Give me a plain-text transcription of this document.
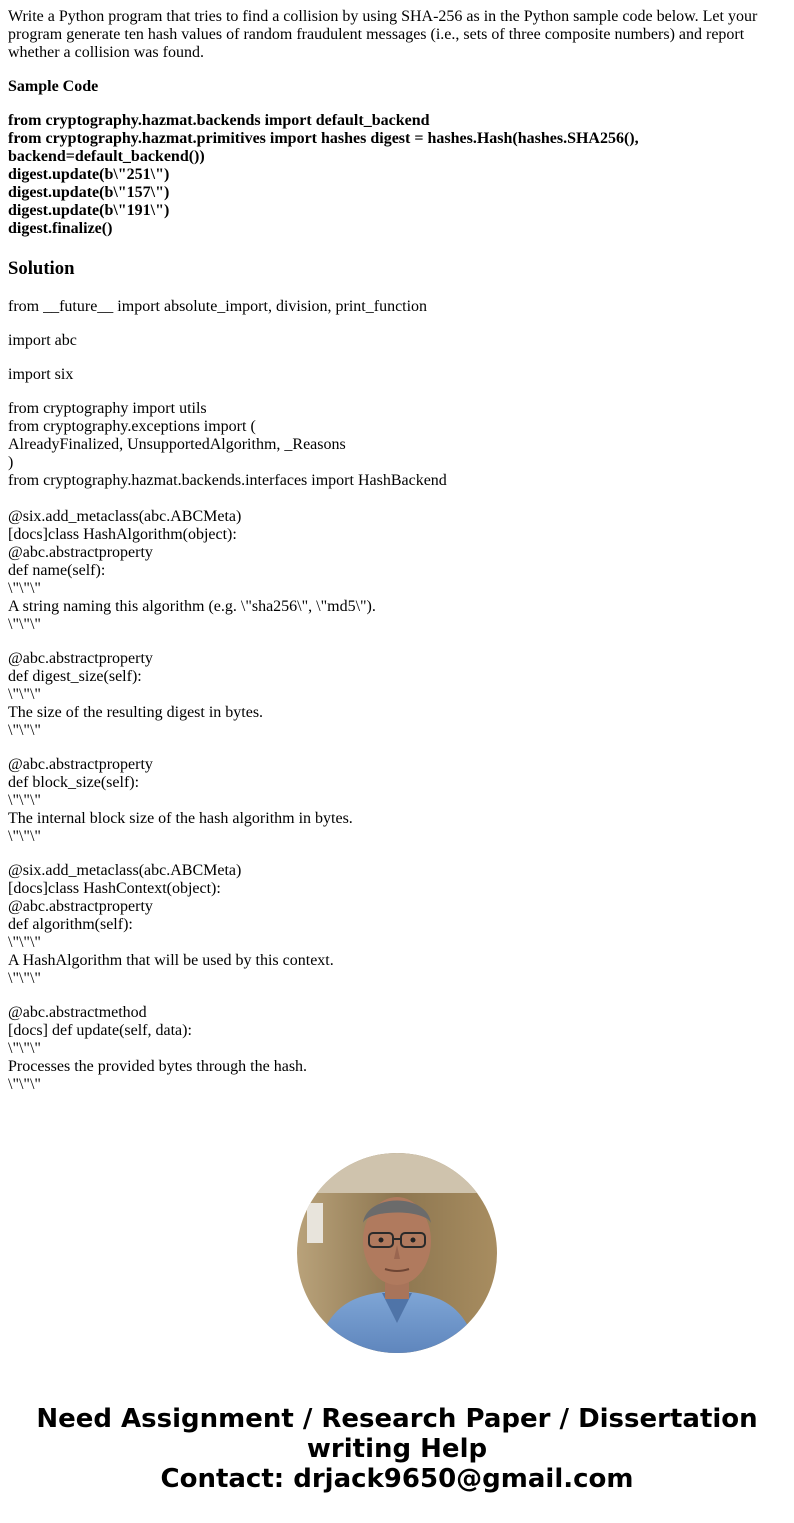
Write a Python program that tries to find a collision by using SHA-256 as in the Python sample code below. Let your program generate ten hash values of random fraudulent messages (i.e., sets of three composite numbers) and report whether a collision was found.

Sample Code

from cryptography.hazmat.backends import default_backend
from cryptography.hazmat.primitives import hashes digest = hashes.Hash(hashes.SHA256(), backend=default_backend())
digest.update(b\"251\")
digest.update(b\"157\")
digest.update(b\"191\")
digest.finalize()
Solution
from __future__ import absolute_import, division, print_function
import abc
import six
from cryptography import utils
from cryptography.exceptions import (
AlreadyFinalized, UnsupportedAlgorithm, _Reasons
)
from cryptography.hazmat.backends.interfaces import HashBackend
@six.add_metaclass(abc.ABCMeta)
[docs]class HashAlgorithm(object):
@abc.abstractproperty
def name(self):
\"\"\"
A string naming this algorithm (e.g. \"sha256\", \"md5\").
\"\"\"
@abc.abstractproperty
def digest_size(self):
\"\"\"
The size of the resulting digest in bytes.
\"\"\"
@abc.abstractproperty
def block_size(self):
\"\"\"
The internal block size of the hash algorithm in bytes.
\"\"\"
@six.add_metaclass(abc.ABCMeta)
[docs]class HashContext(object):
@abc.abstractproperty
def algorithm(self):
\"\"\"
A HashAlgorithm that will be used by this context.
\"\"\"
@abc.abstractmethod
[docs] def update(self, data):
\"\"\"
Processes the provided bytes through the hash.
\"\"\"
Need Assignment / Research Paper / Dissertation
writing Help
Contact: drjack9650@gmail.com
